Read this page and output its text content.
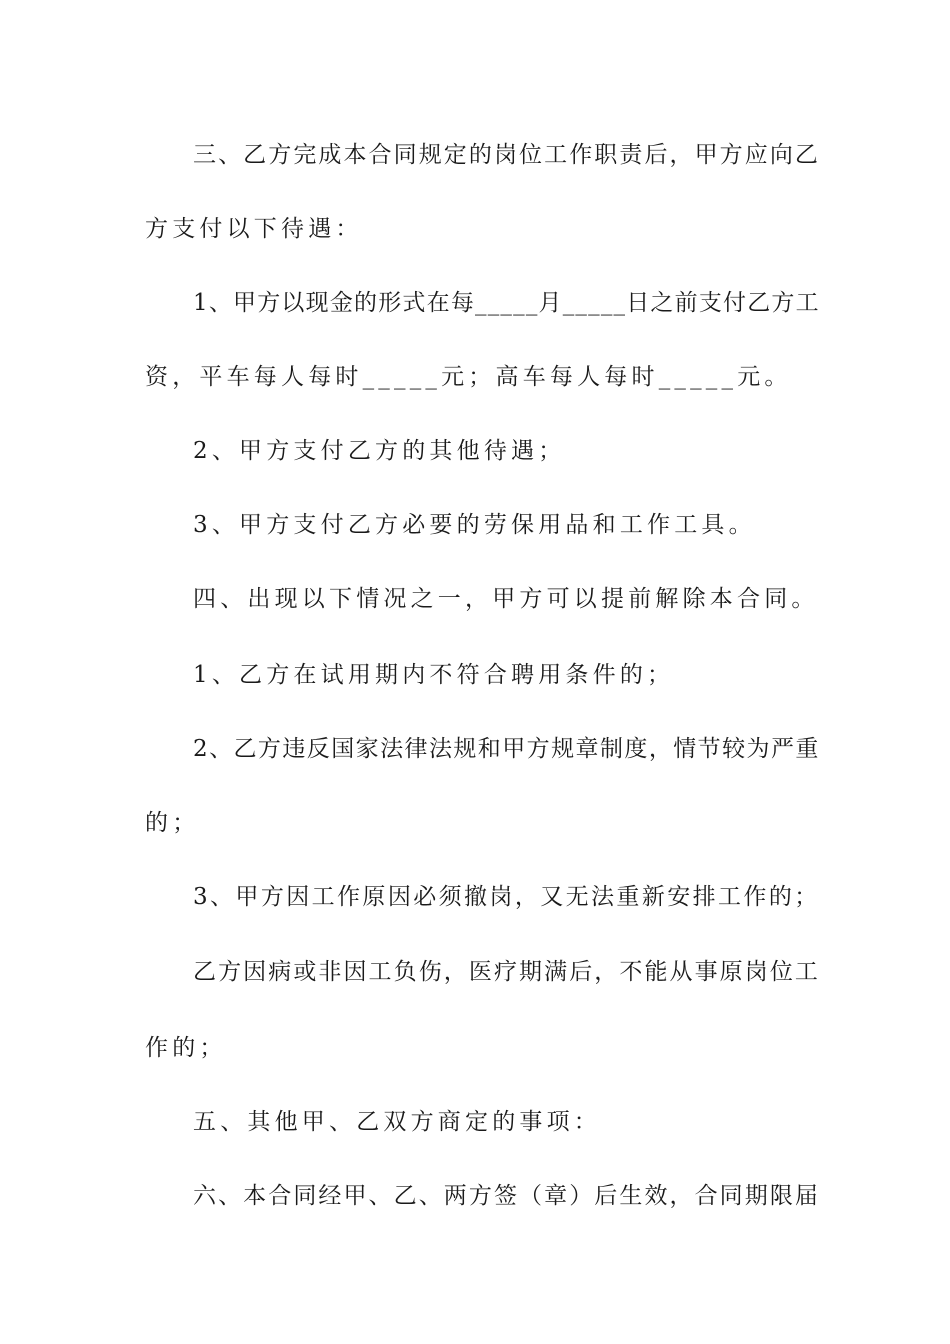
三、乙方完成本合同规定的岗位工作职责后，甲方应向乙
方支付以下待遇：
1、甲方以现金的形式在每_____月_____日之前支付乙方工
资，平车每人每时_____元；高车每人每时_____元。
2、甲方支付乙方的其他待遇；
3、甲方支付乙方必要的劳保用品和工作工具。
四、出现以下情况之一，甲方可以提前解除本合同。
1、乙方在试用期内不符合聘用条件的；
2、乙方违反国家法律法规和甲方规章制度，情节较为严重
的；
3、甲方因工作原因必须撤岗，又无法重新安排工作的；
乙方因病或非因工负伤，医疗期满后，不能从事原岗位工
作的；
五、其他甲、乙双方商定的事项：
六、本合同经甲、乙、两方签（章）后生效，合同期限届
